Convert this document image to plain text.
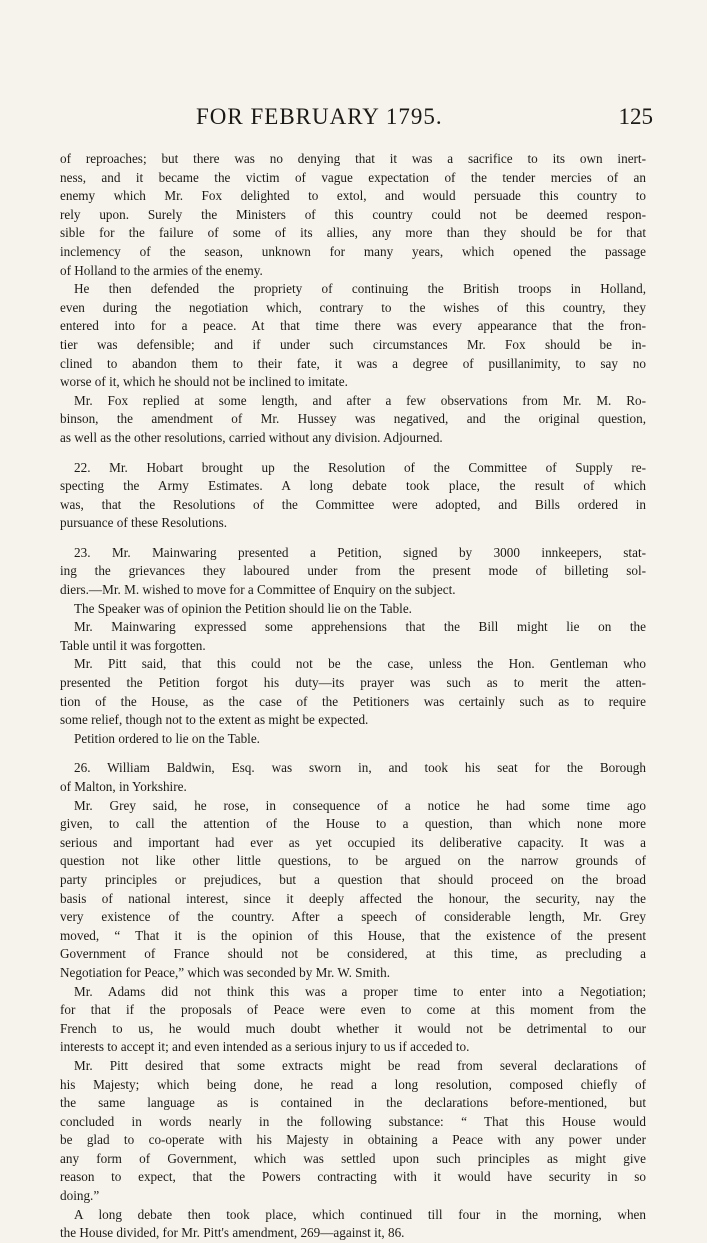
FOR FEBRUARY 1795.	125
of reproaches; but there was no denying that it was a sacrifice to its own inert-
ness, and it became the victim of vague expectation of the tender mercies of an
enemy which Mr. Fox delighted to extol, and would persuade this country to
rely upon. Surely the Ministers of this country could not be deemed respon-
sible for the failure of some of its allies, any more than they should be for that
inclemency of the season, unknown for many years, which opened the passage
of Holland to the armies of the enemy.
He then defended the propriety of continuing the British troops in Holland,
even during the negotiation which, contrary to the wishes of this country, they
entered into for a peace. At that time there was every appearance that the fron-
tier was defensible; and if under such circumstances Mr. Fox should be in-
clined to abandon them to their fate, it was a degree of pusillanimity, to say no
worse of it, which he should not be inclined to imitate.
Mr. Fox replied at some length, and after a few observations from Mr. M. Ro-
binson, the amendment of Mr. Hussey was negatived, and the original question,
as well as the other resolutions, carried without any division. Adjourned.
22. Mr. Hobart brought up the Resolution of the Committee of Supply re-
specting the Army Estimates. A long debate took place, the result of which
was, that the Resolutions of the Committee were adopted, and Bills ordered in
pursuance of these Resolutions.
23. Mr. Mainwaring presented a Petition, signed by 3000 innkeepers, stat-
ing the grievances they laboured under from the present mode of billeting sol-
diers.—Mr. M. wished to move for a Committee of Enquiry on the subject.
The Speaker was of opinion the Petition should lie on the Table.
Mr. Mainwaring expressed some apprehensions that the Bill might lie on the
Table until it was forgotten.
Mr. Pitt said, that this could not be the case, unless the Hon. Gentleman who
presented the Petition forgot his duty—its prayer was such as to merit the atten-
tion of the House, as the case of the Petitioners was certainly such as to require
some relief, though not to the extent as might be expected.
Petition ordered to lie on the Table.
26. William Baldwin, Esq. was sworn in, and took his seat for the Borough
of Malton, in Yorkshire.
Mr. Grey said, he rose, in consequence of a notice he had some time ago
given, to call the attention of the House to a question, than which none more
serious and important had ever as yet occupied its deliberative capacity. It was a
question not like other little questions, to be argued on the narrow grounds of
party principles or prejudices, but a question that should proceed on the broad
basis of national interest, since it deeply affected the honour, the security, nay the
very existence of the country. After a speech of considerable length, Mr. Grey
moved, “ That it is the opinion of this House, that the existence of the present
Government of France should not be considered, at this time, as precluding a
Negotiation for Peace,” which was seconded by Mr. W. Smith.
Mr. Adams did not think this was a proper time to enter into a Negotiation;
for that if the proposals of Peace were even to come at this moment from the
French to us, he would much doubt whether it would not be detrimental to our
interests to accept it; and even intended as a serious injury to us if acceded to.
Mr. Pitt desired that some extracts might be read from several declarations of
his Majesty; which being done, he read a long resolution, composed chiefly of
the same language as is contained in the declarations before-mentioned, but
concluded in words nearly in the following substance: “ That this House would
be glad to co-operate with his Majesty in obtaining a Peace with any power under
any form of Government, which was settled upon such principles as might give
reason to expect, that the Powers contracting with it would have security in so
doing.”
A long debate then took place, which continued till four in the morning, when
the House divided, for Mr. Pitt's amendment, 269—against it, 86.
